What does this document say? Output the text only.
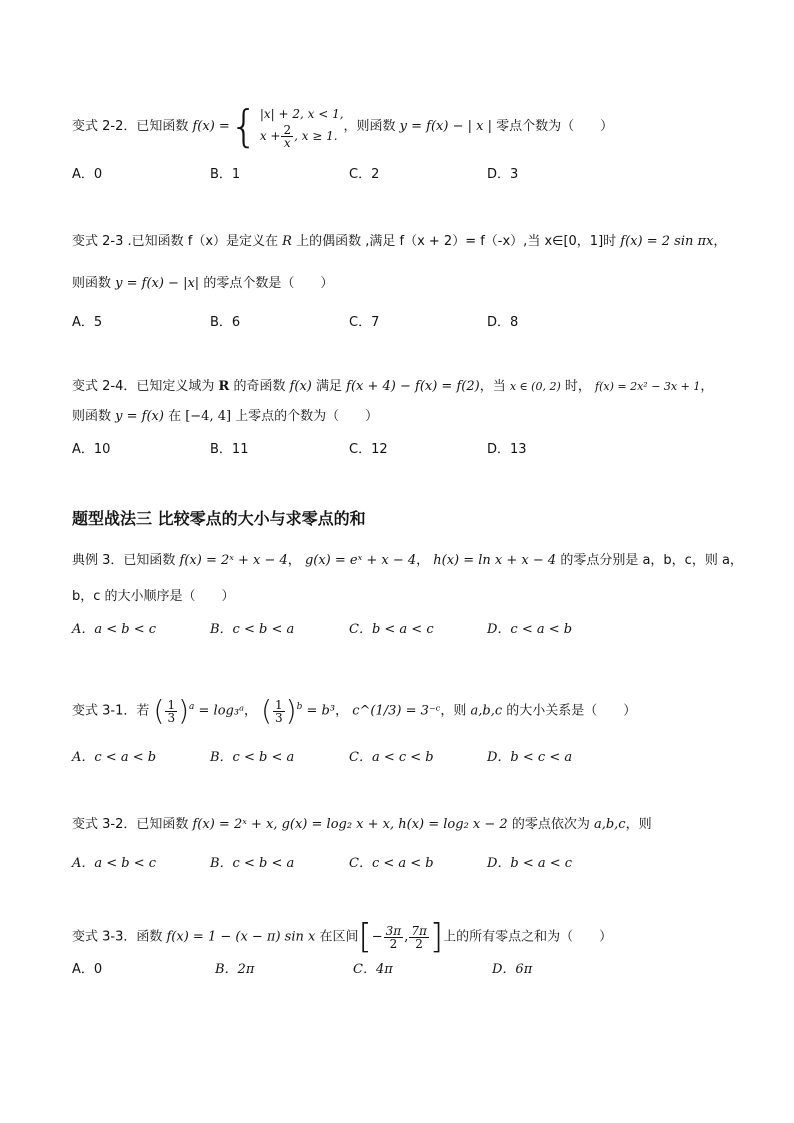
变式 2-2．已知函数 f(x) ={ |x| + 2, x < 1,
$x + \frac{2}{x}$ , x ≥ 1.
，则函数 y = f(x) − | x | 零点个数为（　　）
A．0	B．1	C．2	D．3
变式 2-3 .已知函数 f（x）是定义在 R 上的偶函数 ,满足 f（x + 2）= f（-x）,当 x∈[0，1]时 f(x) = 2 sin πx，
则函数 y = f(x) − |x| 的零点个数是（　　）
A．5	B．6	C．7	D．8
变式 2-4．已知定义域为 R 的奇函数 f(x) 满足 f(x + 4) − f(x) = f(2)，当 x ∈ (0, 2) 时， f(x) = 2x² − 3x + 1，
则函数 y = f(x) 在 [−4, 4] 上零点的个数为（　　）
A．10	B．11	C．12	D．13
题型战法三 比较零点的大小与求零点的和
典例 3．已知函数 f(x) = 2ˣ + x − 4， g(x) = eˣ + x − 4， h(x) = ln x + x − 4 的零点分别是 a，b，c，则 a，
b，c 的大小顺序是（　　）
A．a < b < c	B．c < b < a	C．b < a < c	D．c < a < b
变式 3-1．若 ( $\frac{1}{3} )^a$ = log₃ᵃ， ( $\frac{1}{3} )^b = b^3$， c^(1/3) = 3⁻ᶜ，则 a,b,c 的大小关系是（　　）
A．c < a < b	B．c < b < a	C．a < c < b	D．b < c < a
变式 3-2．已知函数 f(x) = 2ˣ + x, g(x) = log₂ x + x, h(x) = log₂ x − 2 的零点依次为 a,b,c，则
A．a < b < c	B．c < b < a	C．c < a < b	D．b < a < c
变式 3-3．函数 f(x) = 1 − (x − π) sin x 在区间[− $\frac{3\pi}{2}$ , $\frac{7\pi}{2}$ ]上的所有零点之和为（　　）
A．0	B．2π	C．4π	D．6π
